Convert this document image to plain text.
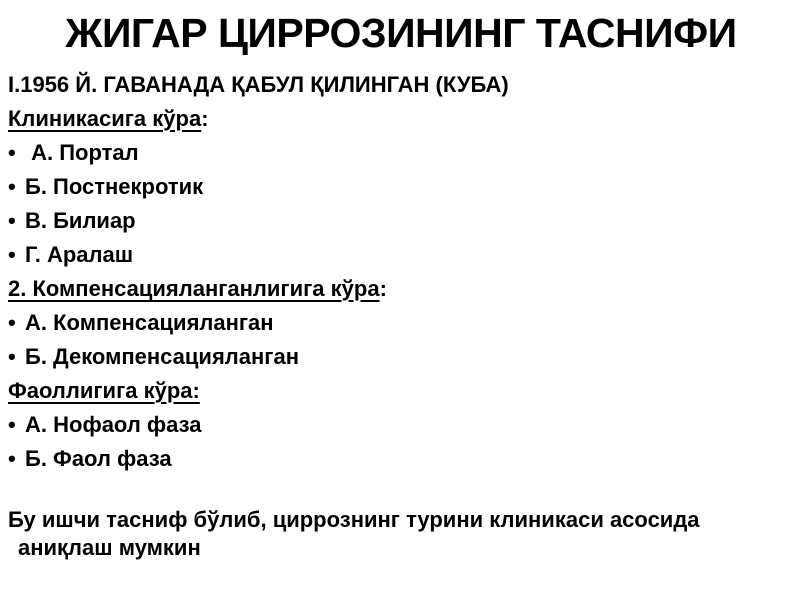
ЖИГАР ЦИРРОЗИНИНГ ТАСНИФИ
I.1956 Й. ГАВАНАДА ҚАБУЛ ҚИЛИНГАН (КУБА)
Клиникасига кўра:
• А. Портал
• Б. Постнекротик
• В. Билиар
• Г. Аралаш
2. Компенсацияланганлигига кўра:
• А. Компенсацияланган
• Б. Декомпенсацияланган
Фаоллигига кўра:
• А. Нофаол фаза
• Б. Фаол фаза
Бу ишчи тасниф бўлиб, циррознинг турини клиникаси асосида аниқлаш мумкин
